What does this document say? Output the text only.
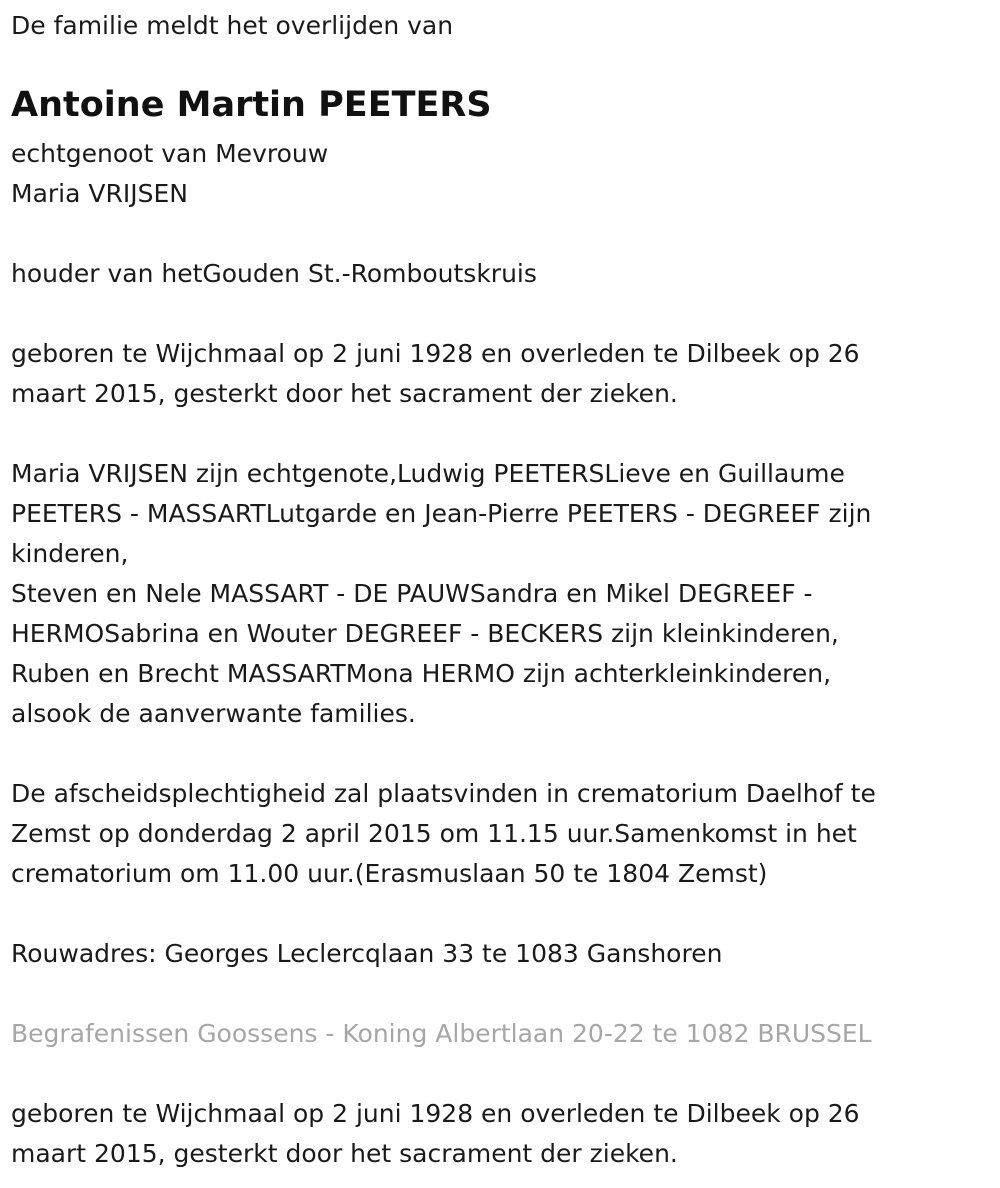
De familie meldt het overlijden van
Antoine Martin PEETERS
echtgenoot van Mevrouw
Maria VRIJSEN
houder van hetGouden St.-Romboutskruis
geboren te Wijchmaal op 2 juni 1928 en overleden te Dilbeek op 26
maart 2015, gesterkt door het sacrament der zieken.
Maria VRIJSEN zijn echtgenote,Ludwig PEETERSLieve en Guillaume
PEETERS - MASSARTLutgarde en Jean-Pierre PEETERS - DEGREEF zijn
kinderen,
Steven en Nele MASSART - DE PAUWSandra en Mikel DEGREEF -
HERMOSabrina en Wouter DEGREEF - BECKERS zijn kleinkinderen,
Ruben en Brecht MASSARTMona HERMO zijn achterkleinkinderen,
alsook de aanverwante families.
De afscheidsplechtigheid zal plaatsvinden in crematorium Daelhof te
Zemst op donderdag 2 april 2015 om 11.15 uur.Samenkomst in het
crematorium om 11.00 uur.(Erasmuslaan 50 te 1804 Zemst)
Rouwadres: Georges Leclercqlaan 33 te 1083 Ganshoren
Begrafenissen Goossens - Koning Albertlaan 20-22 te 1082 BRUSSEL
geboren te Wijchmaal op 2 juni 1928 en overleden te Dilbeek op 26
maart 2015, gesterkt door het sacrament der zieken.
